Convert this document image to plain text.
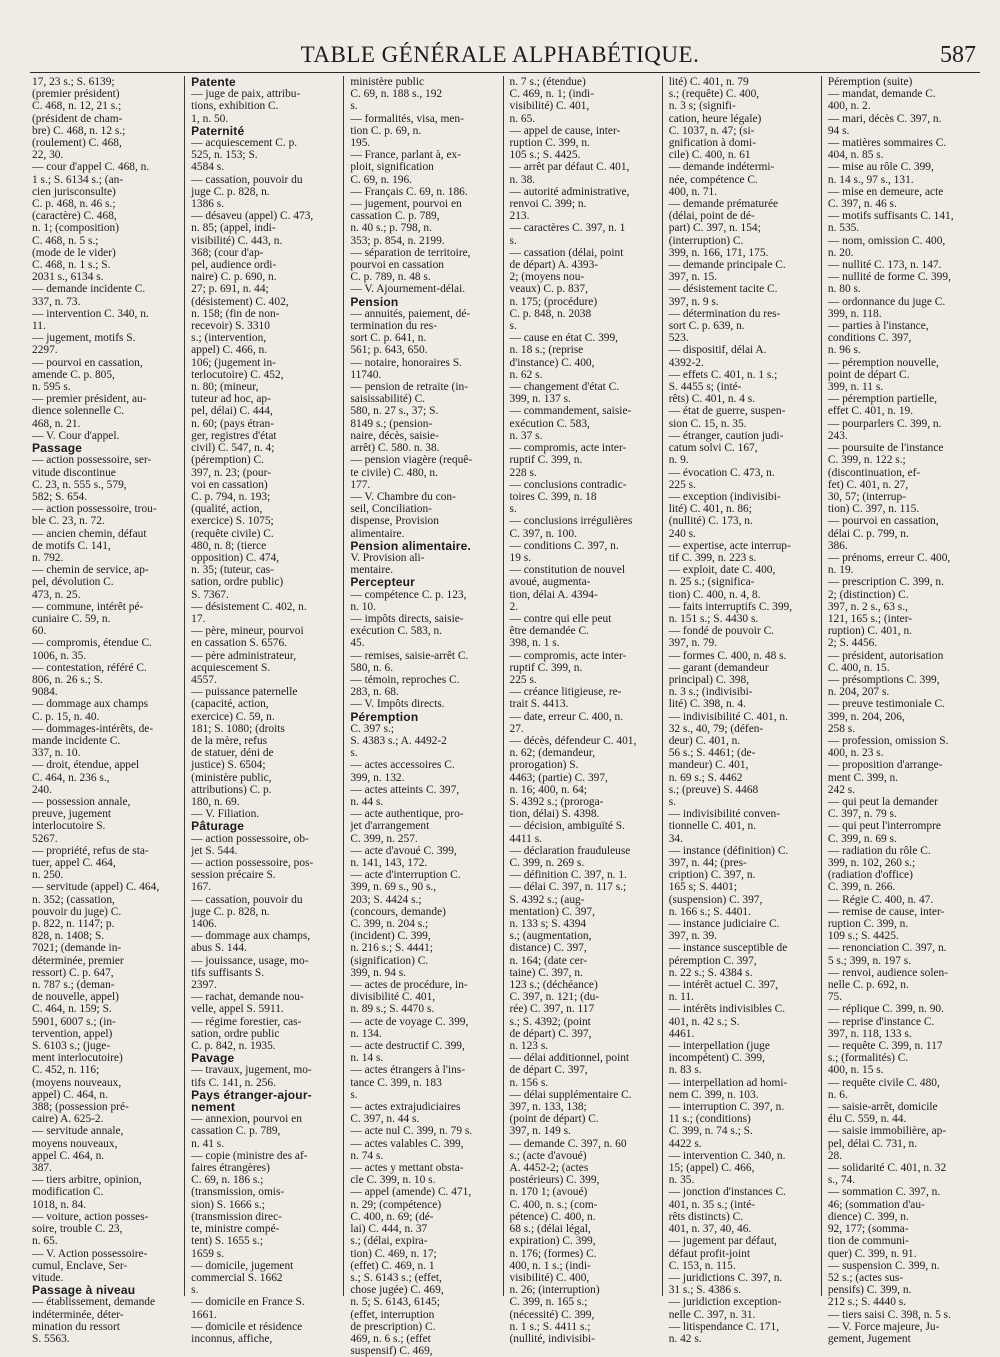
TABLE GÉNÉRALE ALPHABÉTIQUE.	587
17, 23 s.; S. 6139;
(premier président)
C. 468, n. 12, 21 s.;
(président de cham-
bre) C. 468, n. 12 s.;
(roulement) C. 468,
22, 30.
— cour d'appel C. 468, n.
1 s.; S. 6134 s.; (an-
cien jurisconsulte)
C. p. 468, n. 46 s.;
(caractère) C. 468,
n. 1; (composition)
C. 468, n. 5 s.;
(mode de le vider)
C. 468, n. 1 s.; S.
2031 s., 6134 s.
— demande incidente C.
337, n. 73.
— intervention C. 340, n.
11.
— jugement, motifs S.
2297.
— pourvoi en cassation,
amende C. p. 805,
n. 595 s.
— premier président, au-
dience solennelle C.
468, n. 21.
— V. Cour d'appel.
Passage
— action possessoire, ser-
vitude discontinue
C. 23, n. 555 s., 579,
582; S. 654.
— action possessoire, trou-
ble C. 23, n. 72.
— ancien chemin, défaut
de motifs C. 141,
n. 792.
— chemin de service, ap-
pel, dévolution C.
473, n. 25.
— commune, intérêt pé-
cuniaire C. 59, n.
60.
— compromis, étendue C.
1006, n. 35.
— contestation, référé C.
806, n. 26 s.; S.
9084.
— dommage aux champs
C. p. 15, n. 40.
— dommages-intérêts, de-
mande incidente C.
337, n. 10.
— droit, étendue, appel
C. 464, n. 236 s.,
240.
— possession annale,
preuve, jugement
interlocutoire S.
5267.
— propriété, refus de sta-
tuer, appel C. 464,
n. 250.
— servitude (appel) C. 464,
n. 352; (cassation,
pouvoir du juge) C.
p. 822, n. 1147; p.
828, n. 1408; S.
7021; (demande in-
déterminée, premier
ressort) C. p. 647,
n. 787 s.; (deman-
de nouvelle, appel)
C. 464, n. 159; S.
5901, 6007 s.; (in-
tervention, appel)
S. 6103 s.; (juge-
ment interlocutoire)
C. 452, n. 116;
(moyens nouveaux,
appel) C. 464, n.
388; (possession pré-
caire) A. 625-2.
— servitude annale,
moyens nouveaux,
appel C. 464, n.
387.
— tiers arbitre, opinion,
modification C.
1018, n. 84.
— voiture, action posses-
soire, trouble C. 23,
n. 65.
— V. Action possessoire-
cumul, Enclave, Ser-
vitude.
Passage à niveau
— établissement, demande
indéterminée, déter-
mination du ressort
S. 5563.
Patente
— juge de paix, attribu-
tions, exhibition C.
1, n. 50.
Paternité
— acquiescement C. p.
525, n. 153; S.
4584 s.
— cassation, pouvoir du
juge C. p. 828, n.
1386 s.
— désaveu (appel) C. 473,
n. 85; (appel, indi-
visibilité) C. 443, n.
368; (cour d'ap-
pel, audience ordi-
naire) C. p. 690, n.
27; p. 691, n. 44;
(désistement) C. 402,
n. 158; (fin de non-
recevoir) S. 3310
s.; (intervention,
appel) C. 466, n.
106; (jugement in-
terlocutoire) C. 452,
n. 80; (mineur,
tuteur ad hoc, ap-
pel, délai) C. 444,
n. 60; (pays étran-
ger, registres d'état
civil) C. 547, n. 4;
(péremption) C.
397, n. 23; (pour-
voi en cassation)
C. p. 794, n. 193;
(qualité, action,
exercice) S. 1075;
(requête civile) C.
480, n. 8; (tierce
opposition) C. 474,
n. 35; (tuteur, cas-
sation, ordre public)
S. 7367.
— désistement C. 402, n.
17.
— père, mineur, pourvoi
en cassation S. 6576.
— père administrateur,
acquiescement S.
4557.
— puissance paternelle
(capacité, action,
exercice) C. 59, n.
181; S. 1080; (droits
de la mère, refus
de statuer, déni de
justice) S. 6504;
(ministère public,
attributions) C. p.
180, n. 69.
— V. Filiation.
Pâturage
— action possessoire, ob-
jet S. 544.
— action possessoire, pos-
session précaire S.
167.
— cassation, pouvoir du
juge C. p. 828, n.
1406.
— dommage aux champs,
abus S. 144.
— jouissance, usage, mo-
tifs suffisants S.
2397.
— rachat, demande nou-
velle, appel S. 5911.
— régime forestier, cas-
sation, ordre public
C. p. 842, n. 1935.
Pavage
— travaux, jugement, mo-
tifs C. 141, n. 256.
Pays étranger-ajour-
nement
— annexion, pourvoi en
cassation C. p. 789,
n. 41 s.
— copie (ministre des af-
faires étrangères)
C. 69, n. 186 s.;
(transmission, omis-
sion) S. 1666 s.;
(transmission direc-
te, ministre compé-
tent) S. 1655 s.;
1659 s.
— domicile, jugement
commercial S. 1662
s.
— domicile en France S.
1661.
— domicile et résidence
inconnus, affiche,
ministère public
C. 69, n. 188 s., 192
s.
— formalités, visa, men-
tion C. p. 69, n.
195.
— France, parlant à, ex-
ploit, signification
C. 69, n. 196.
— Français C. 69, n. 186.
— jugement, pourvoi en
cassation C. p. 789,
n. 40 s.; p. 798, n.
353; p. 854, n. 2199.
— séparation de territoire,
pourvoi en cassation
C. p. 789, n. 48 s.
— V. Ajournement-délai.
Pension
— annuités, paiement, dé-
termination du res-
sort C. p. 641, n.
561; p. 643, 650.
— notaire, honoraires S.
11740.
— pension de retraite (in-
saisissabilité) C.
580, n. 27 s., 37; S.
8149 s.; (pension-
naire, décès, saisie-
arrêt) C. 580. n. 38.
— pension viagère (requê-
te civile) C. 480, n.
177.
— V. Chambre du con-
seil, Conciliation-
dispense, Provision
alimentaire.
Pension alimentaire.
V. Provision ali-
mentaire.
Percepteur
— compétence C. p. 123,
n. 10.
— impôts directs, saisie-
exécution C. 583, n.
45.
— remises, saisie-arrêt C.
580, n. 6.
— témoin, reproches C.
283, n. 68.
— V. Impôts directs.
Péremption
C. 397 s.;
S. 4383 s.; A. 4492-2
s.
— actes accessoires C.
399, n. 132.
— actes atteints C. 397,
n. 44 s.
— acte authentique, pro-
jet d'arrangement
C. 399, n. 257.
— acte d'avoué C. 399,
n. 141, 143, 172.
— acte d'interruption C.
399, n. 69 s., 90 s.,
203; S. 4424 s.;
(concours, demande)
C. 399, n. 204 s.;
(incident) C. 399,
n. 216 s.; S. 4441;
(signification) C.
399, n. 94 s.
— actes de procédure, in-
divisibilité C. 401,
n. 89 s.; S. 4470 s.
— acte de voyage C. 399,
n. 134.
— acte destructif C. 399,
n. 14 s.
— actes étrangers à l'ins-
tance C. 399, n. 183
s.
— actes extrajudiciaires
C. 397, n. 44 s.
— acte nul C. 399, n. 79 s.
— actes valables C. 399,
n. 74 s.
— actes y mettant obsta-
cle C. 399, n. 10 s.
— appel (amende) C. 471,
n. 29; (compétence)
C. 400, n. 69; (dé-
lai) C. 444, n. 37
s.; (délai, expira-
tion) C. 469, n. 17;
(effet) C. 469, n. 1
s.; S. 6143 s.; (effet,
chose jugée) C. 469,
n. 5; S. 6143, 6145;
(effet, interruption
de prescription) C.
469, n. 6 s.; (effet
suspensif) C. 469,
n. 7 s.; (étendue)
C. 469, n. 1; (indi-
visibilité) C. 401,
n. 65.
— appel de cause, inter-
ruption C. 399, n.
105 s.; S. 4425.
— arrêt par défaut C. 401,
n. 38.
— autorité administrative,
renvoi C. 399; n.
213.
— caractères C. 397, n. 1
s.
— cassation (délai, point
de départ) A. 4393-
2; (moyens nou-
veaux) C. p. 837,
n. 175; (procédure)
C. p. 848, n. 2038
s.
— cause en état C. 399,
n. 18 s.; (reprise
d'instance) C. 400,
n. 62 s.
— changement d'état C.
399, n. 137 s.
— commandement, saisie-
exécution C. 583,
n. 37 s.
— compromis, acte inter-
ruptif C. 399, n.
228 s.
— conclusions contradic-
toires C. 399, n. 18
s.
— conclusions irrégulières
C. 397, n. 100.
— conditions C. 397, n.
19 s.
— constitution de nouvel
avoué, augmenta-
tion, délai A. 4394-
2.
— contre qui elle peut
être demandée C.
398, n. 1 s.
— compromis, acte inter-
ruptif C. 399, n.
225 s.
— créance litigieuse, re-
trait S. 4413.
— date, erreur C. 400, n.
27.
— décès, défendeur C. 401,
n. 62; (demandeur,
prorogation) S.
4463; (partie) C. 397,
n. 16; 400, n. 64;
S. 4392 s.; (proroga-
tion, délai) S. 4398.
— décision, ambiguïté S.
4411 s.
— déclaration frauduleuse
C. 399, n. 269 s.
— définition C. 397, n. 1.
— délai C. 397, n. 117 s.;
S. 4392 s.; (aug-
mentation) C. 397,
n. 133 s; S. 4394
s.; (augmentation,
distance) C. 397,
n. 164; (date cer-
taine) C. 397, n.
123 s.; (déchéance)
C. 397, n. 121; (du-
rée) C. 397, n. 117
s.; S. 4392; (point
de départ) C. 397,
n. 123 s.
— délai additionnel, point
de départ C. 397,
n. 156 s.
— délai supplémentaire C.
397, n. 133, 138;
(point de départ) C.
397, n. 149 s.
— demande C. 397, n. 60
s.; (acte d'avoué)
A. 4452-2; (actes
postérieurs) C. 399,
n. 170 1; (avoué)
C. 400, n. s.; (com-
pétence) C. 400, n.
68 s.; (délai légal,
expiration) C. 399,
n. 176; (formes) C.
400, n. 1 s.; (indi-
visibilité) C. 400,
n. 26; (interruption)
C. 399, n. 165 s.;
(nécessité) C. 399,
n. 1 s.; S. 4411 s.;
(nullité, indivisibi-
lité) C. 401, n. 79
s.; (requête) C. 400,
n. 3 s; (signifi-
cation, heure légale)
C. 1037, n. 47; (si-
gnification à domi-
cile) C. 400, n. 61
— demande indétermi-
née, compétence C.
400, n. 71.
— demande prématurée
(délai, point de dé-
part) C. 397, n. 154;
(interruption) C.
399, n. 166, 171, 175.
— demande principale C.
397, n. 15.
— désistement tacite C.
397, n. 9 s.
— détermination du res-
sort C. p. 639, n.
523.
— dispositif, délai A.
4392-2.
— effets C. 401, n. 1 s.;
S. 4455 s; (inté-
rêts) C. 401, n. 4 s.
— état de guerre, suspen-
sion C. 15, n. 35.
— étranger, caution judi-
catum solvi C. 167,
n. 9.
— évocation C. 473, n.
225 s.
— exception (indivisibi-
lité) C. 401, n. 86;
(nullité) C. 173, n.
240 s.
— expertise, acte interrup-
tif C. 399, n. 223 s.
— exploit, date C. 400,
n. 25 s.; (significa-
tion) C. 400, n. 4, 8.
— faits interruptifs C. 399,
n. 151 s.; S. 4430 s.
— fondé de pouvoir C.
397, n. 79.
— formes C. 400, n. 48 s.
— garant (demandeur
principal) C. 398,
n. 3 s.; (indivisibi-
lité) C. 398, n. 4.
— indivisibilité C. 401, n.
32 s., 40, 79; (défen-
deur) C. 401, n.
56 s.; S. 4461; (de-
mandeur) C. 401,
n. 69 s.; S. 4462
s.; (preuve) S. 4468
s.
— indivisibilité conven-
tionnelle C. 401, n.
34.
— instance (définition) C.
397, n. 44; (pres-
cription) C. 397, n.
165 s; S. 4401;
(suspension) C. 397,
n. 166 s.; S. 4401.
— instance judiciaire C.
397, n. 39.
— instance susceptible de
péremption C. 397,
n. 22 s.; S. 4384 s.
— intérêt actuel C. 397,
n. 11.
— intérêts indivisibles C.
401, n. 42 s.; S.
4461.
— interpellation (juge
incompétent) C. 399,
n. 83 s.
— interpellation ad homi-
nem C. 399, n. 103.
— interruption C. 397, n.
11 s.; (conditions)
C. 399, n. 74 s.; S.
4422 s.
— intervention C. 340, n.
15; (appel) C. 466,
n. 35.
— jonction d'instances C.
401, n. 35 s.; (inté-
rêts distincts) C.
401, n. 37, 40, 46.
— jugement par défaut,
défaut profit-joint
C. 153, n. 115.
— juridictions C. 397, n.
31 s.; S. 4386 s.
— juridiction exception-
nelle C. 397, n. 31.
— litispendance C. 171,
n. 42 s.
Péremption (suite)
— mandat, demande C.
400, n. 2.
— mari, décès C. 397, n.
94 s.
— matières sommaires C.
404, n. 85 s.
— mise au rôle C. 399,
n. 14 s., 97 s., 131.
— mise en demeure, acte
C. 397, n. 46 s.
— motifs suffisants C. 141,
n. 535.
— nom, omission C. 400,
n. 20.
— nullité C. 173, n. 147.
— nullité de forme C. 399,
n. 80 s.
— ordonnance du juge C.
399, n. 118.
— parties à l'instance,
conditions C. 397,
n. 96 s.
— péremption nouvelle,
point de départ C.
399, n. 11 s.
— péremption partielle,
effet C. 401, n. 19.
— pourparlers C. 399, n.
243.
— poursuite de l'instance
C. 399, n. 122 s.;
(discontinuation, ef-
fet) C. 401, n. 27,
30, 57; (interrup-
tion) C. 397, n. 115.
— pourvoi en cassation,
délai C. p. 799, n.
386.
— prénoms, erreur C. 400,
n. 19.
— prescription C. 399, n.
2; (distinction) C.
397, n. 2 s., 63 s.,
121, 165 s.; (inter-
ruption) C. 401, n.
2; S. 4456.
— président, autorisation
C. 400, n. 15.
— présomptions C. 399,
n. 204, 207 s.
— preuve testimoniale C.
399, n. 204, 206,
258 s.
— profession, omission S.
400, n. 23 s.
— proposition d'arrange-
ment C. 399, n.
242 s.
— qui peut la demander
C. 397, n. 79 s.
— qui peut l'interrompre
C. 399, n. 69 s.
— radiation du rôle C.
399, n. 102, 260 s.;
(radiation d'office)
C. 399, n. 266.
— Régie C. 400, n. 47.
— remise de cause, inter-
ruption C. 399, n.
109 s.; S. 4425.
— renonciation C. 397, n.
5 s.; 399, n. 197 s.
— renvoi, audience solen-
nelle C. p. 692, n.
75.
— réplique C. 399, n. 90.
— reprise d'instance C.
397, n. 118, 133 s.
— requête C. 399, n. 117
s.; (formalités) C.
400, n. 15 s.
— requête civile C. 480,
n. 6.
— saisie-arrêt, domicile
élu C. 559, n. 44.
— saisie immobilière, ap-
pel, délai C. 731, n.
28.
— solidarité C. 401, n. 32
s., 74.
— sommation C. 397, n.
46; (sommation d'au-
dience) C. 399, n.
92, 177; (somma-
tion de communi-
quer) C. 399, n. 91.
— suspension C. 399, n.
52 s.; (actes sus-
pensifs) C. 399, n.
212 s.; S. 4440 s.
— tiers saisi C. 398, n. 5 s.
— V. Force majeure, Ju-
gement, Jugement
